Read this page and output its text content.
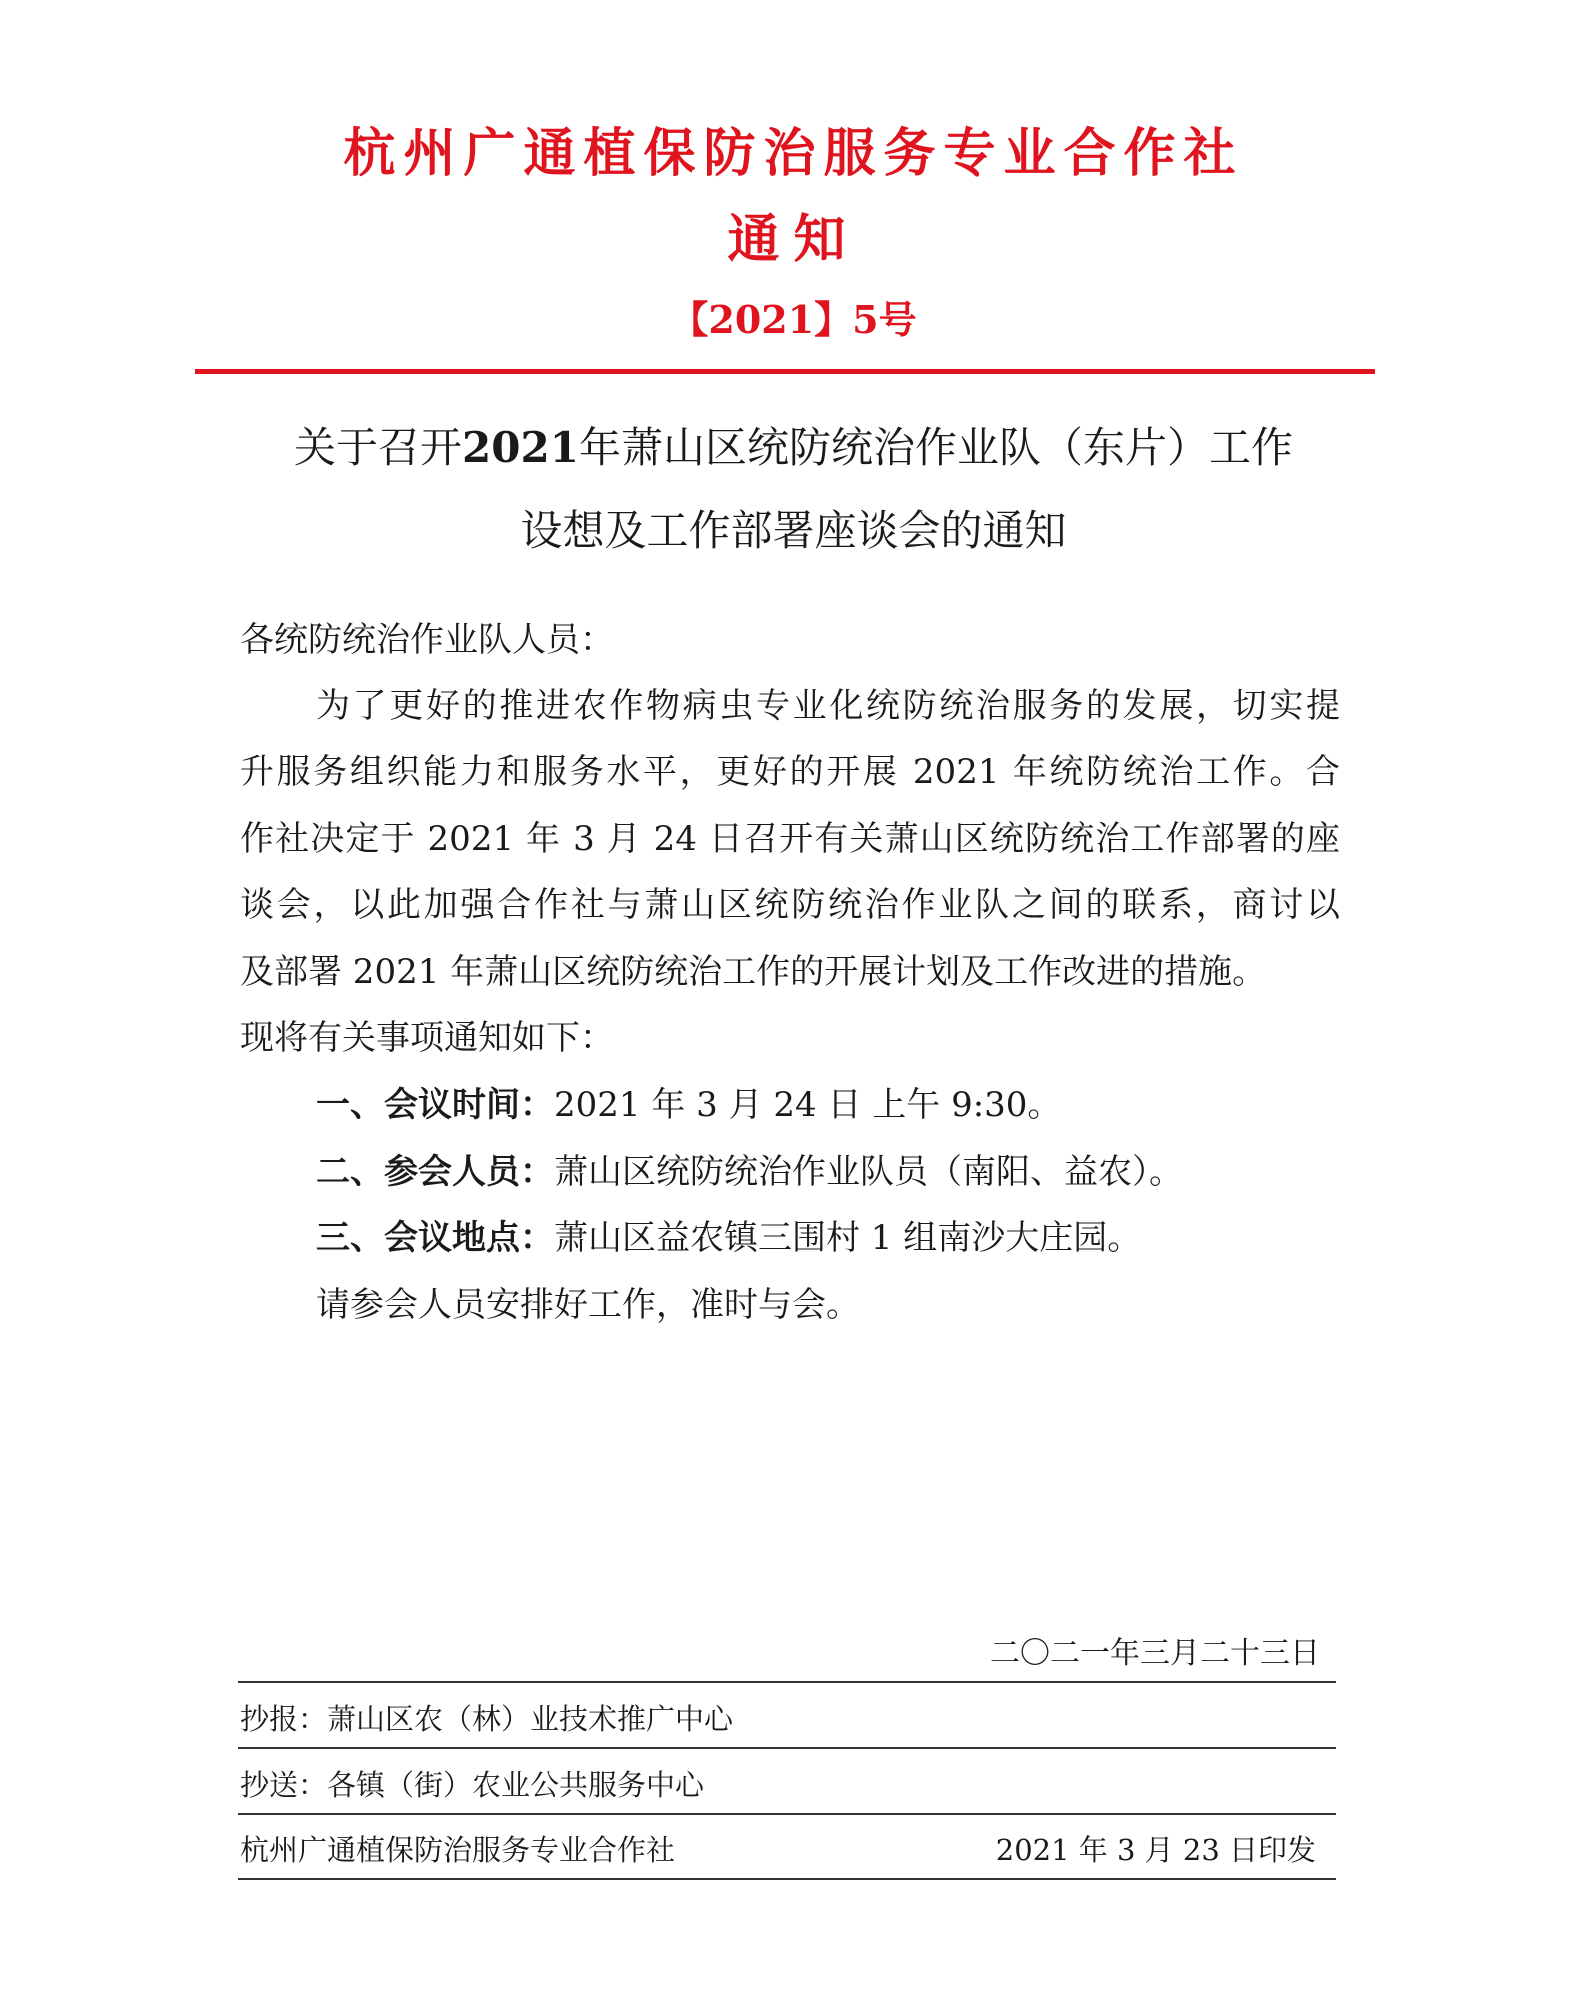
杭州广通植保防治服务专业合作社
通知
【2021】5号
关于召开2021年萧山区统防统治作业队（东片）工作
设想及工作部署座谈会的通知
各统防统治作业队人员：
为了更好的推进农作物病虫专业化统防统治服务的发展，切实提
升服务组织能力和服务水平，更好的开展 2021 年统防统治工作。合
作社决定于 2021 年 3 月 24 日召开有关萧山区统防统治工作部署的座
谈会，以此加强合作社与萧山区统防统治作业队之间的联系，商讨以
及部署 2021 年萧山区统防统治工作的开展计划及工作改进的措施。
现将有关事项通知如下：
一、会议时间：2021 年 3 月 24 日 上午 9:30。
二、参会人员：萧山区统防统治作业队员（南阳、益农）。
三、会议地点：萧山区益农镇三围村 1 组南沙大庄园。
请参会人员安排好工作，准时与会。
二〇二一年三月二十三日
抄报：萧山区农（林）业技术推广中心
抄送：各镇（街）农业公共服务中心
杭州广通植保防治服务专业合作社	2021 年 3 月 23 日印发
